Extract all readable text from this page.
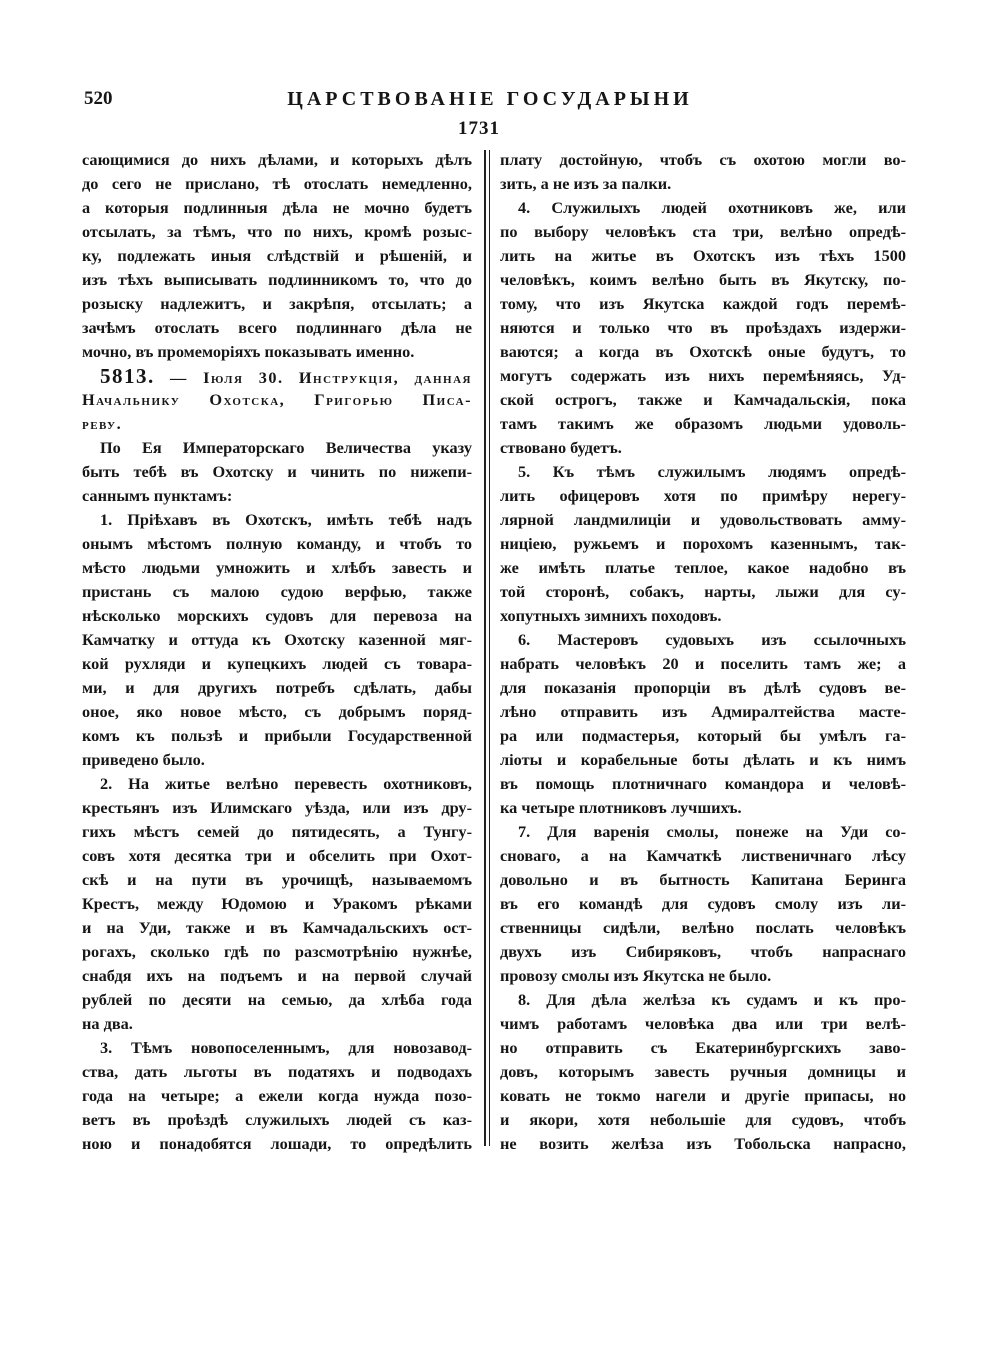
520	ЦАРСТВОВАНІЕ ГОСУДАРЫНИ
1731
сающимися до нихъ дѣлами, и которыхъ дѣлъ
до сего не прислано, тѣ отослать немедленно,
а которыя подлинныя дѣла не мочно будетъ
отсылать, за тѣмъ, что по нихъ, кромѣ розыс-
ку, подлежать иныя слѣдствій и рѣшеній, и
изъ тѣхъ выписывать подлинникомъ то, что до
розыску надлежитъ, и закрѣпя, отсылать; а
зачѣмъ отослать всего подлиннаго дѣла не
мочно, въ промеморіяхъ показывать именно.
5813. — Іюля 30. Инструкція, данная
Начальнику Охотска, Григорью Писа-
реву.
По Ея Императорскаго Величества указу
быть тебѣ въ Охотску и чинить по нижепи-
саннымъ пунктамъ:
1. Пріѣхавъ въ Охотскъ, имѣть тебѣ надъ
онымъ мѣстомъ полную команду, и чтобъ то
мѣсто людьми умножить и хлѣбъ завесть и
пристань съ малою судою верфью, также
нѣсколько морскихъ судовъ для перевоза на
Камчатку и оттуда къ Охотску казенной мяг-
кой рухляди и купецкихъ людей съ товара-
ми, и для другихъ потребъ сдѣлать, дабы
оное, яко новое мѣсто, съ добрымъ поряд-
комъ къ пользѣ и прибыли Государственной
приведено было.
2. На житье велѣно перевесть охотниковъ,
крестьянъ изъ Илимскаго уѣзда, или изъ дру-
гихъ мѣстъ семей до пятидесять, а Тунгу-
совъ хотя десятка три и обселить при Охот-
скѣ и на пути въ урочищѣ, называемомъ
Крестъ, между Юдомою и Уракомъ рѣками
и на Уди, также и въ Камчадальскихъ ост-
рогахъ, сколько гдѣ по разсмотрѣнію нужнѣе,
снабдя ихъ на подъемъ и на первой случай
рублей по десяти на семью, да хлѣба года
на два.
3. Тѣмъ новопоселеннымъ, для новозавод-
ства, дать льготы въ податяхъ и подводахъ
года на четыре; а ежели когда нужда позо-
ветъ въ проѣздѣ служилыхъ людей съ каз-
ною и понадобятся лошади, то опредѣлить
плату достойную, чтобъ съ охотою могли во-
зить, а не изъ за палки.
4. Служилыхъ людей охотниковъ же, или
по выбору человѣкъ ста три, велѣно опредѣ-
лить на житье въ Охотскъ изъ тѣхъ 1500
человѣкъ, коимъ велѣно быть въ Якутску, по-
тому, что изъ Якутска каждой годъ перемѣ-
няются и только что въ проѣздахъ издержи-
ваются; а когда въ Охотскѣ оные будутъ, то
могутъ содержать изъ нихъ перемѣняясь, Уд-
ской острогъ, также и Камчадальскія, пока
тамъ такимъ же образомъ людьми удоволь-
ствовано будетъ.
5. Къ тѣмъ служилымъ людямъ опредѣ-
лить офицеровъ хотя по примѣру нерегу-
лярной ландмилиціи и удовольствовать амму-
ниціею, ружьемъ и порохомъ казеннымъ, так-
же имѣть платье теплое, какое надобно въ
той сторонѣ, собакъ, нарты, лыжи для су-
хопутныхъ зимнихъ походовъ.
6. Мастеровъ судовыхъ изъ ссылочныхъ
набрать человѣкъ 20 и поселить тамъ же; а
для показанія пропорціи въ дѣлѣ судовъ ве-
лѣно отправить изъ Адмиралтейства масте-
ра или подмастерья, который бы умѣлъ га-
ліоты и корабельные боты дѣлать и къ нимъ
въ помощь плотничнаго командора и человѣ-
ка четыре плотниковъ лучшихъ.
7. Для варенія смолы, понеже на Уди со-
сноваго, а на Камчаткѣ лиственичнаго лѣсу
довольно и въ бытность Капитана Беринга
въ его командѣ для судовъ смолу изъ ли-
ственницы сидѣли, велѣно послать человѣкъ
двухъ изъ Сибиряковъ, чтобъ напраснаго
провозу смолы изъ Якутска не было.
8. Для дѣла желѣза къ судамъ и къ про-
чимъ работамъ человѣка два или три велѣ-
но отправить съ Екатеринбургскихъ заво-
довъ, которымъ завесть ручныя домницы и
ковать не токмо нагели и другіе припасы, но
и якори, хотя небольшіе для судовъ, чтобъ
не возить желѣза изъ Тобольска напрасно,
